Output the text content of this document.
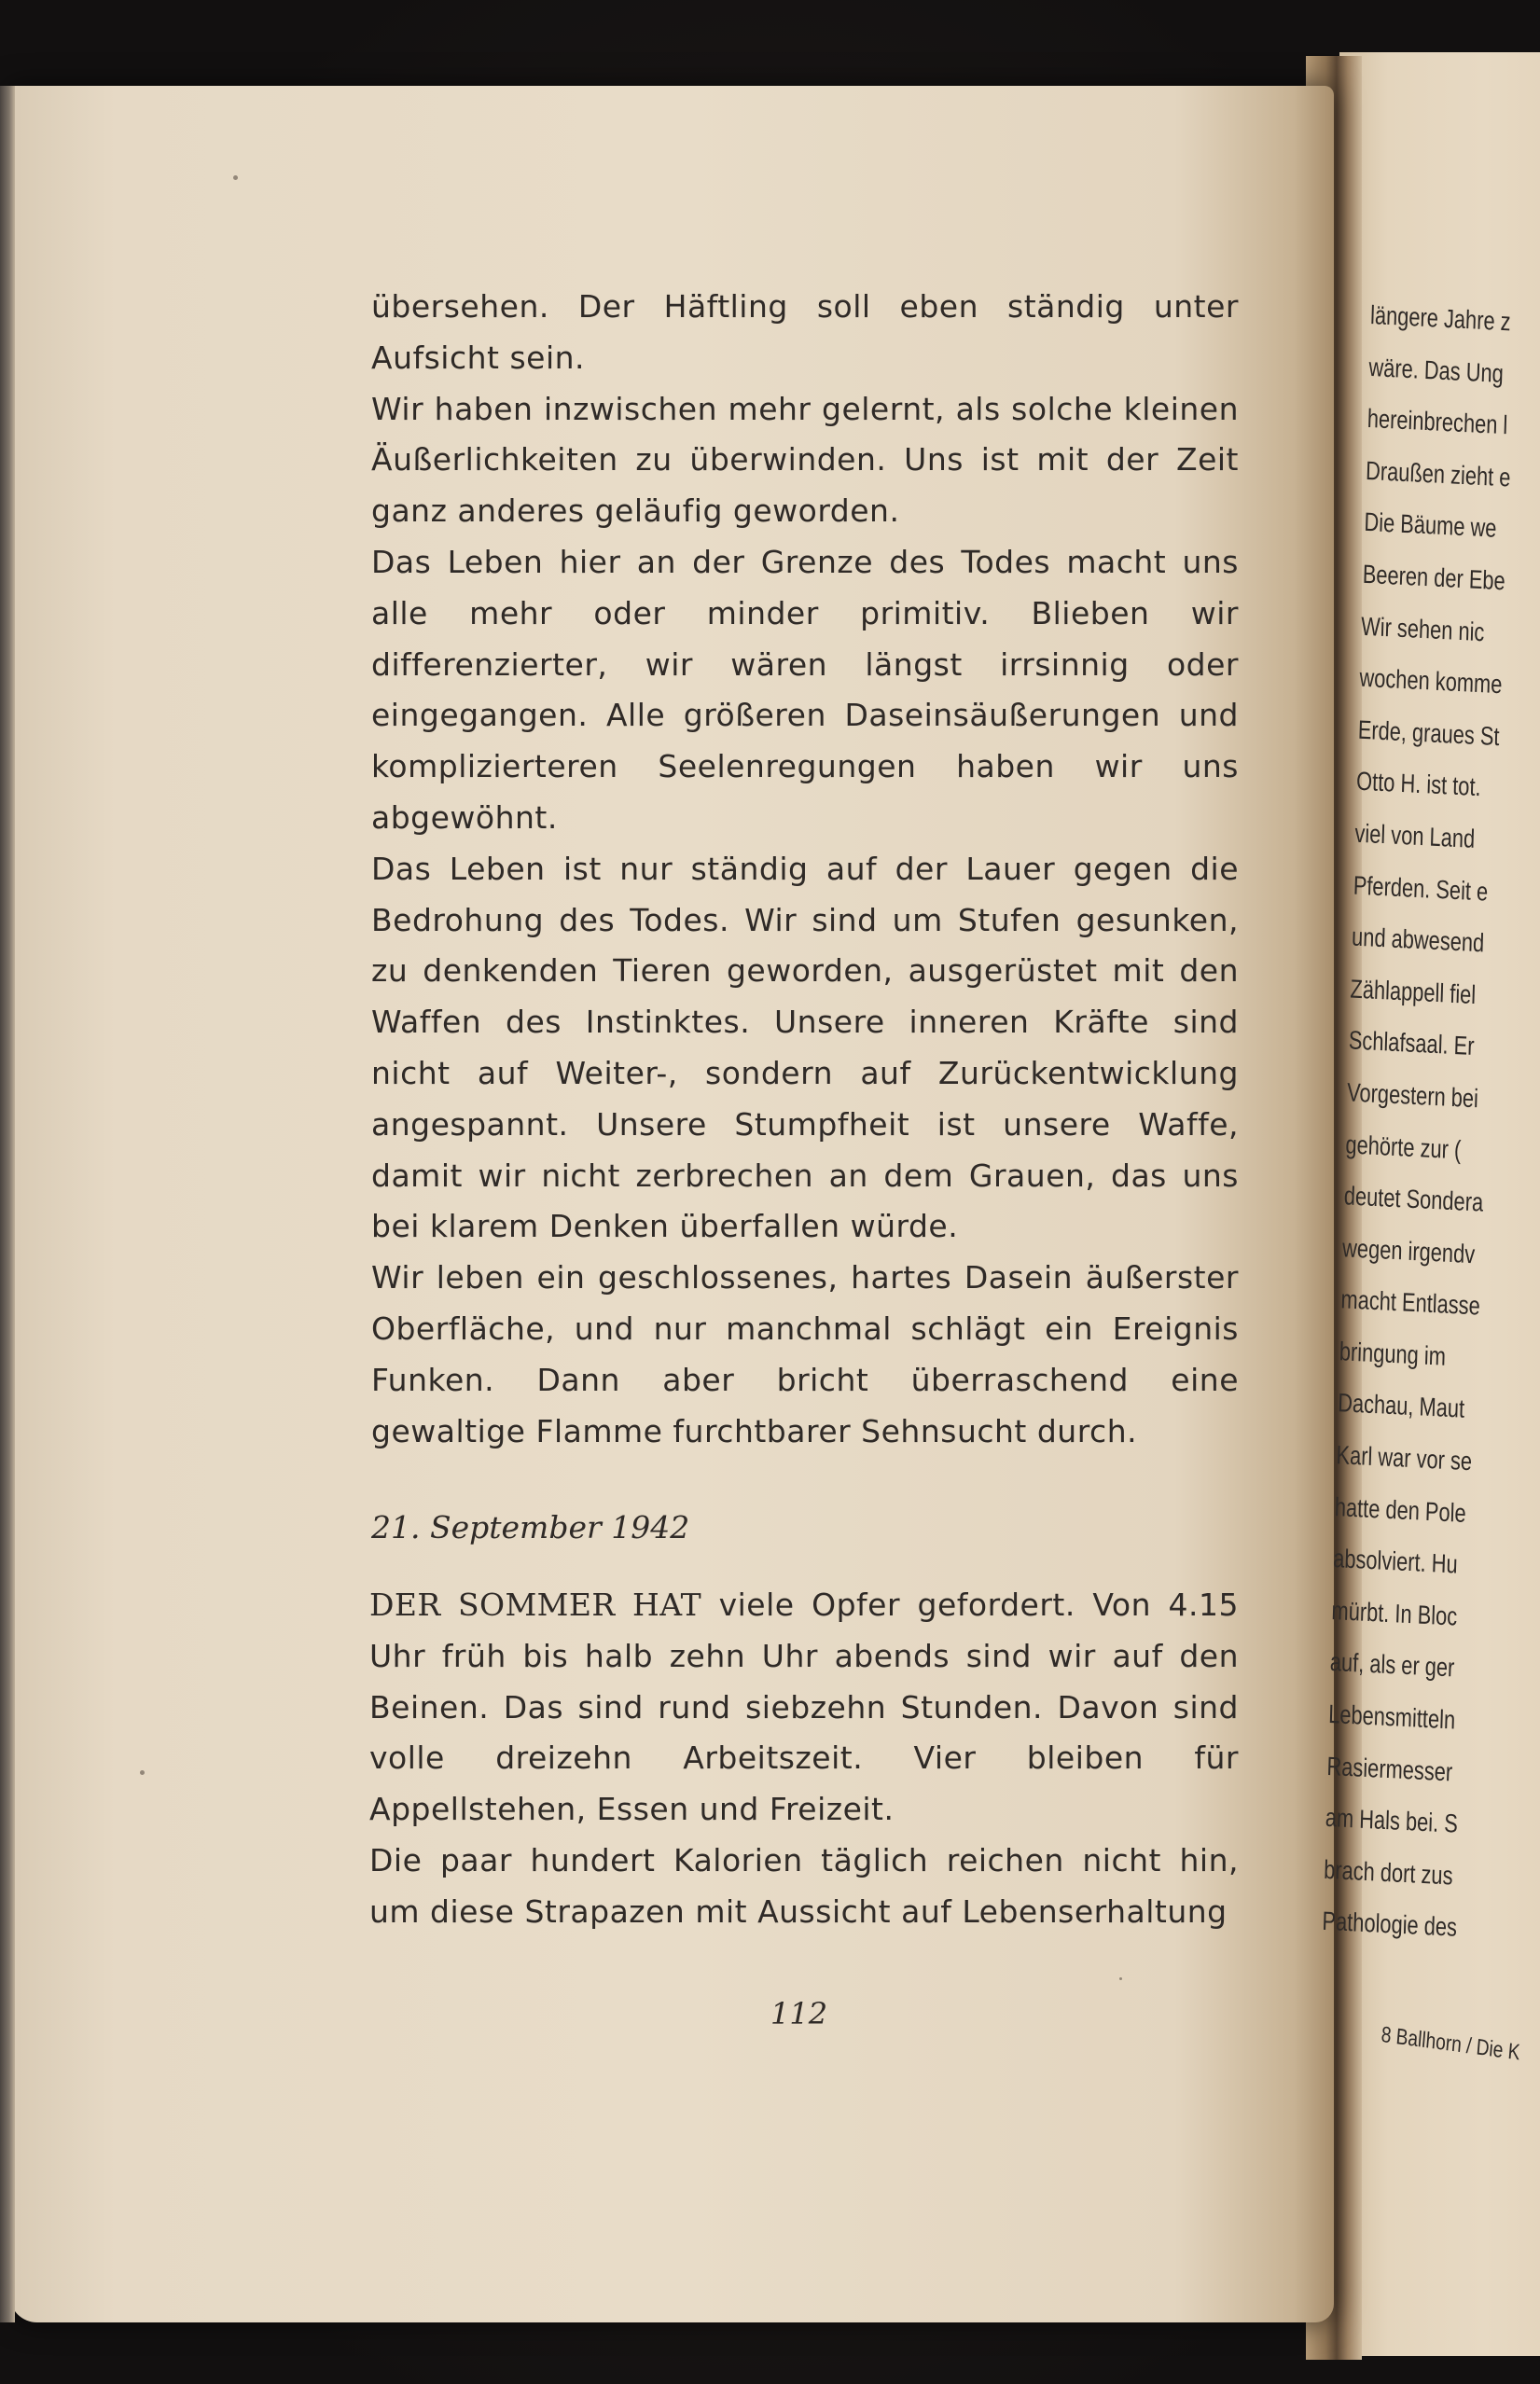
übersehen. Der Häftling soll eben ständig unter Aufsicht sein.

Wir haben inzwischen mehr gelernt, als solche kleinen Äußerlichkeiten zu überwinden. Uns ist mit der Zeit ganz anderes geläufig geworden.

Das Leben hier an der Grenze des Todes macht uns alle mehr oder minder primitiv. Blieben wir differenzierter, wir wären längst irrsinnig oder eingegangen. Alle größeren Daseinsäußerungen und komplizierteren Seelenregungen haben wir uns abgewöhnt.

Das Leben ist nur ständig auf der Lauer gegen die Bedrohung des Todes. Wir sind um Stufen gesunken, zu denkenden Tieren geworden, ausgerüstet mit den Waffen des Instinktes. Unsere inneren Kräfte sind nicht auf Weiter-, sondern auf Zurückentwicklung angespannt. Unsere Stumpfheit ist unsere Waffe, damit wir nicht zerbrechen an dem Grauen, das uns bei klarem Denken überfallen würde.

Wir leben ein geschlossenes, hartes Dasein äußerster Oberfläche, und nur manchmal schlägt ein Ereignis Funken. Dann aber bricht überraschend eine gewaltige Flamme furchtbarer Sehnsucht durch.

21. September 1942

DER SOMMER HAT viele Opfer gefordert. Von 4.15 Uhr früh bis halb zehn Uhr abends sind wir auf den Beinen. Das sind rund siebzehn Stunden. Davon sind volle dreizehn Arbeitszeit. Vier bleiben für Appellstehen, Essen und Freizeit.

Die paar hundert Kalorien täglich reichen nicht hin, um diese Strapazen mit Aussicht auf Lebenserhaltung

112
längere Jahre z
wäre. Das Ung
hereinbrechen l
Draußen zieht e
Die Bäume we
Beeren der Ebe
Wir sehen nic
wochen komme
Erde, graues St
Otto H. ist tot.
viel von Land
Pferden. Seit e
und abwesend
Zählappell fiel
Schlafsaal. Er
Vorgestern bei
gehörte zur (
deutet Sondera
wegen irgendv
macht Entlasse
bringung im
Dachau, Maut
Karl war vor se
hatte den Pole
absolviert. Hu
mürbt. In Bloc
auf, als er ger
Lebensmitteln
Rasiermesser
am Hals bei. S
brach dort zus
Pathologie des
8 Ballhorn / Die K
